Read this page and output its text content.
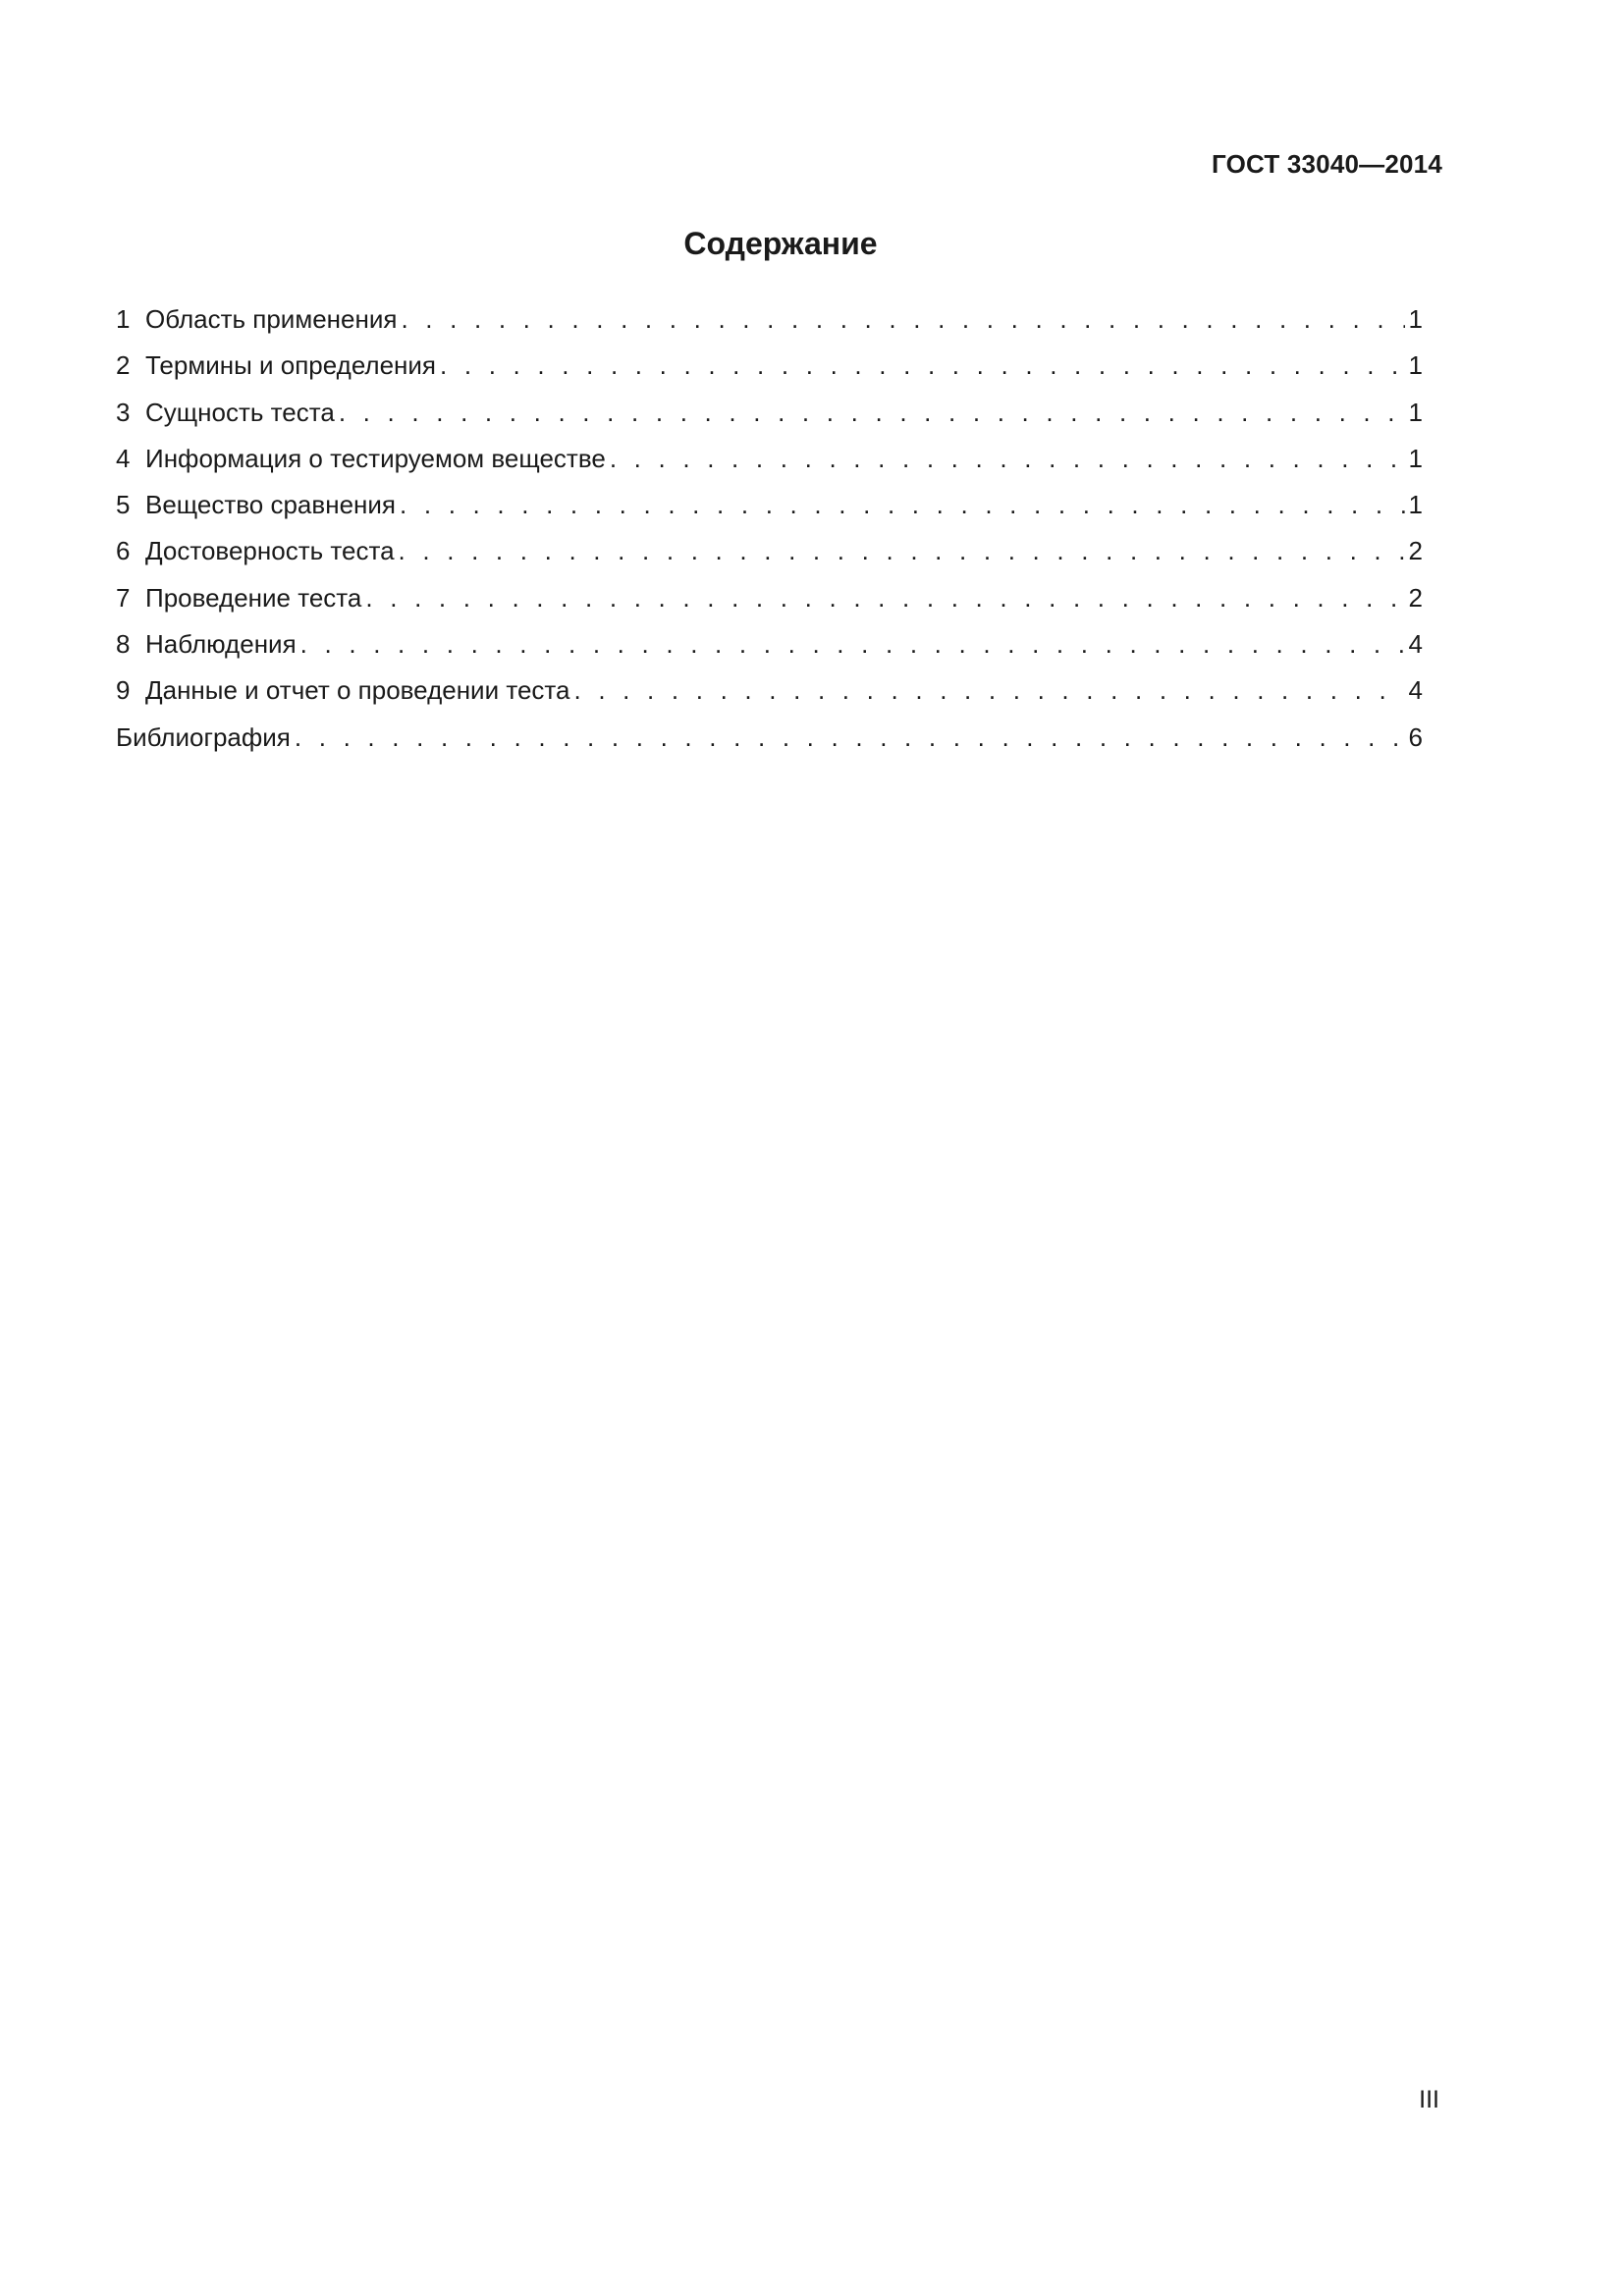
ГОСТ 33040—2014
Содержание
1 Область применения . . .	1
2 Термины и определения . . .	1
3 Сущность теста . . .	1
4 Информация о тестируемом веществе . . .	1
5 Вещество сравнения . . .	1
6 Достоверность теста . . .	2
7 Проведение теста . . .	2
8 Наблюдения . . .	4
9 Данные и отчет о проведении теста . . .	4
Библиография . . .	6
III
